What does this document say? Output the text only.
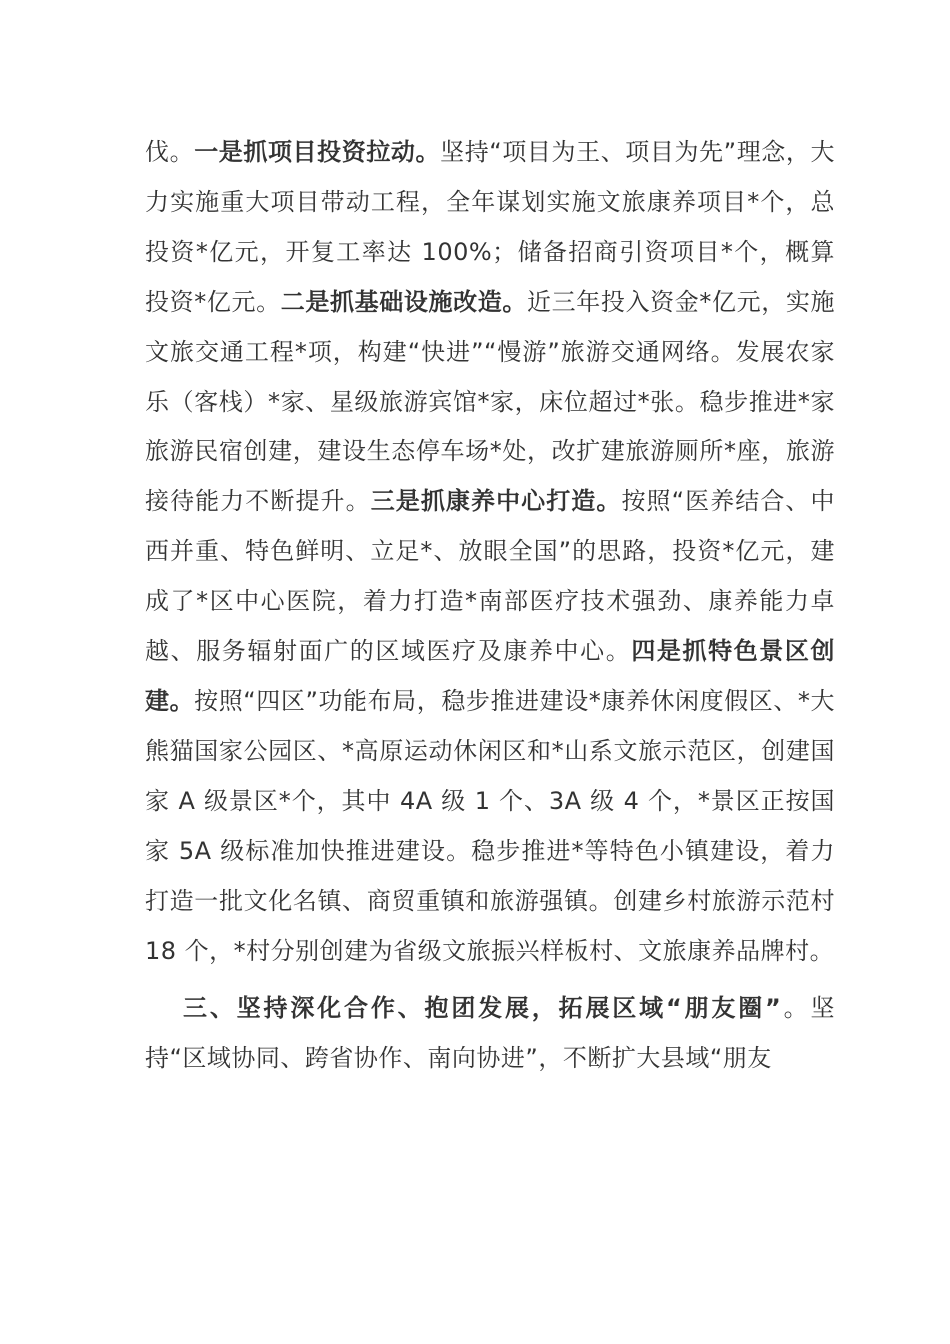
伐。一是抓项目投资拉动。坚持“项目为王、项目为先”理念，大力实施重大项目带动工程，全年谋划实施文旅康养项目*个，总投资*亿元，开复工率达 100%；储备招商引资项目*个，概算投资*亿元。二是抓基础设施改造。近三年投入资金*亿元，实施文旅交通工程*项，构建“快进”“慢游”旅游交通网络。发展农家乐（客栈）*家、星级旅游宾馆*家，床位超过*张。稳步推进*家旅游民宿创建，建设生态停车场*处，改扩建旅游厕所*座，旅游接待能力不断提升。三是抓康养中心打造。按照“医养结合、中西并重、特色鲜明、立足*、放眼全国”的思路，投资*亿元，建成了*区中心医院，着力打造*南部医疗技术强劲、康养能力卓越、服务辐射面广的区域医疗及康养中心。四是抓特色景区创建。按照“四区”功能布局，稳步推进建设*康养休闲度假区、*大熊猫国家公园区、*高原运动休闲区和*山系文旅示范区，创建国家 A 级景区*个，其中 4A 级 1 个、3A 级 4 个，*景区正按国家 5A 级标准加快推进建设。稳步推进*等特色小镇建设，着力打造一批文化名镇、商贸重镇和旅游强镇。创建乡村旅游示范村 18 个，*村分别创建为省级文旅振兴样板村、文旅康养品牌村。

三、坚持深化合作、抱团发展，拓展区域“朋友圈”。坚持“区域协同、跨省协作、南向协进”，不断扩大县域“朋友
